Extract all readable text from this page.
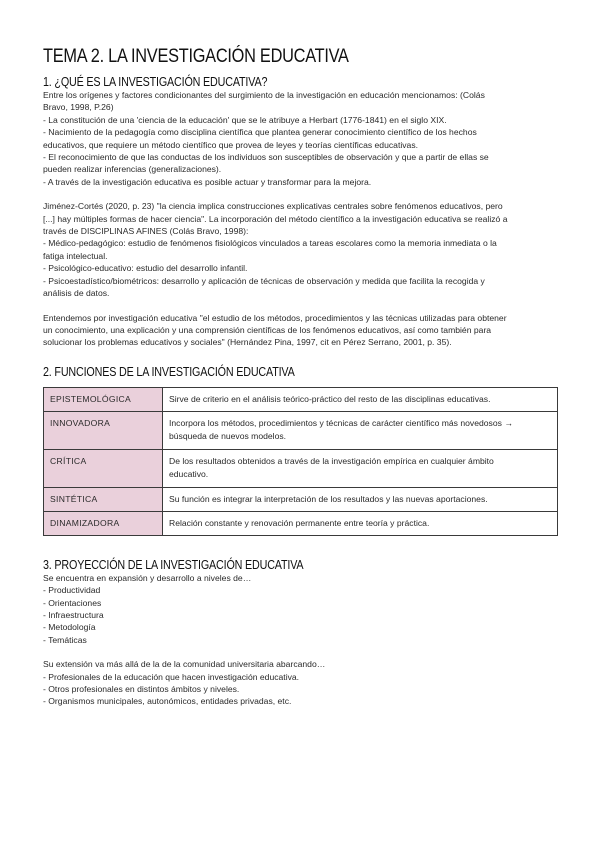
TEMA 2. LA INVESTIGACIÓN EDUCATIVA
1. ¿QUÉ ES LA INVESTIGACIÓN EDUCATIVA?
Entre los orígenes y factores condicionantes del surgimiento de la investigación en educación mencionamos: (Colás
Bravo, 1998, P.26)
- La constitución de una 'ciencia de la educación' que se le atribuye a Herbart (1776-1841) en el siglo XIX.
- Nacimiento de la pedagogía como disciplina científica que plantea generar conocimiento científico de los hechos
educativos, que requiere un método científico que provea de leyes y teorías científicas educativas.
- El reconocimiento de que las conductas de los individuos son susceptibles de observación y que a partir de ellas se
pueden realizar inferencias (generalizaciones).
- A través de la investigación educativa es posible actuar y transformar para la mejora.
Jiménez-Cortés (2020, p. 23) "la ciencia implica construcciones explicativas centrales sobre fenómenos educativos, pero
[...] hay múltiples formas de hacer ciencia". La incorporación del método científico a la investigación educativa se realizó a
través de DISCIPLINAS AFINES (Colás Bravo, 1998):
- Médico-pedagógico: estudio de fenómenos fisiológicos vinculados a tareas escolares como la memoria inmediata o la
fatiga intelectual.
- Psicológico-educativo: estudio del desarrollo infantil.
- Psicoestadístico/biométricos: desarrollo y aplicación de técnicas de observación y medida que facilita la recogida y
análisis de datos.
Entendemos por investigación educativa "el estudio de los métodos, procedimientos y las técnicas utilizadas para obtener
un conocimiento, una explicación y una comprensión científicas de los fenómenos educativos, así como también para
solucionar los problemas educativos y sociales" (Hernández Pina, 1997, cit en Pérez Serrano, 2001, p. 35).
2. FUNCIONES DE LA INVESTIGACIÓN EDUCATIVA
EPISTEMOLÓGICA	Sirve de criterio en el análisis teórico-práctico del resto de las disciplinas educativas.

INNOVADORA	Incorpora los métodos, procedimientos y técnicas de carácter científico más novedosos →
búsqueda de nuevos modelos.

CRÍTICA	De los resultados obtenidos a través de la investigación empírica en cualquier ámbito
educativo.

SINTÉTICA	Su función es integrar la interpretación de los resultados y las nuevas aportaciones.

DINAMIZADORA	Relación constante y renovación permanente entre teoría y práctica.
3. PROYECCIÓN DE LA INVESTIGACIÓN EDUCATIVA
Se encuentra en expansión y desarrollo a niveles de…
- Productividad
- Orientaciones
- Infraestructura
- Metodología
- Temáticas
Su extensión va más allá de la de la comunidad universitaria abarcando…
- Profesionales de la educación que hacen investigación educativa.
- Otros profesionales en distintos ámbitos y niveles.
- Organismos municipales, autonómicos, entidades privadas, etc.
